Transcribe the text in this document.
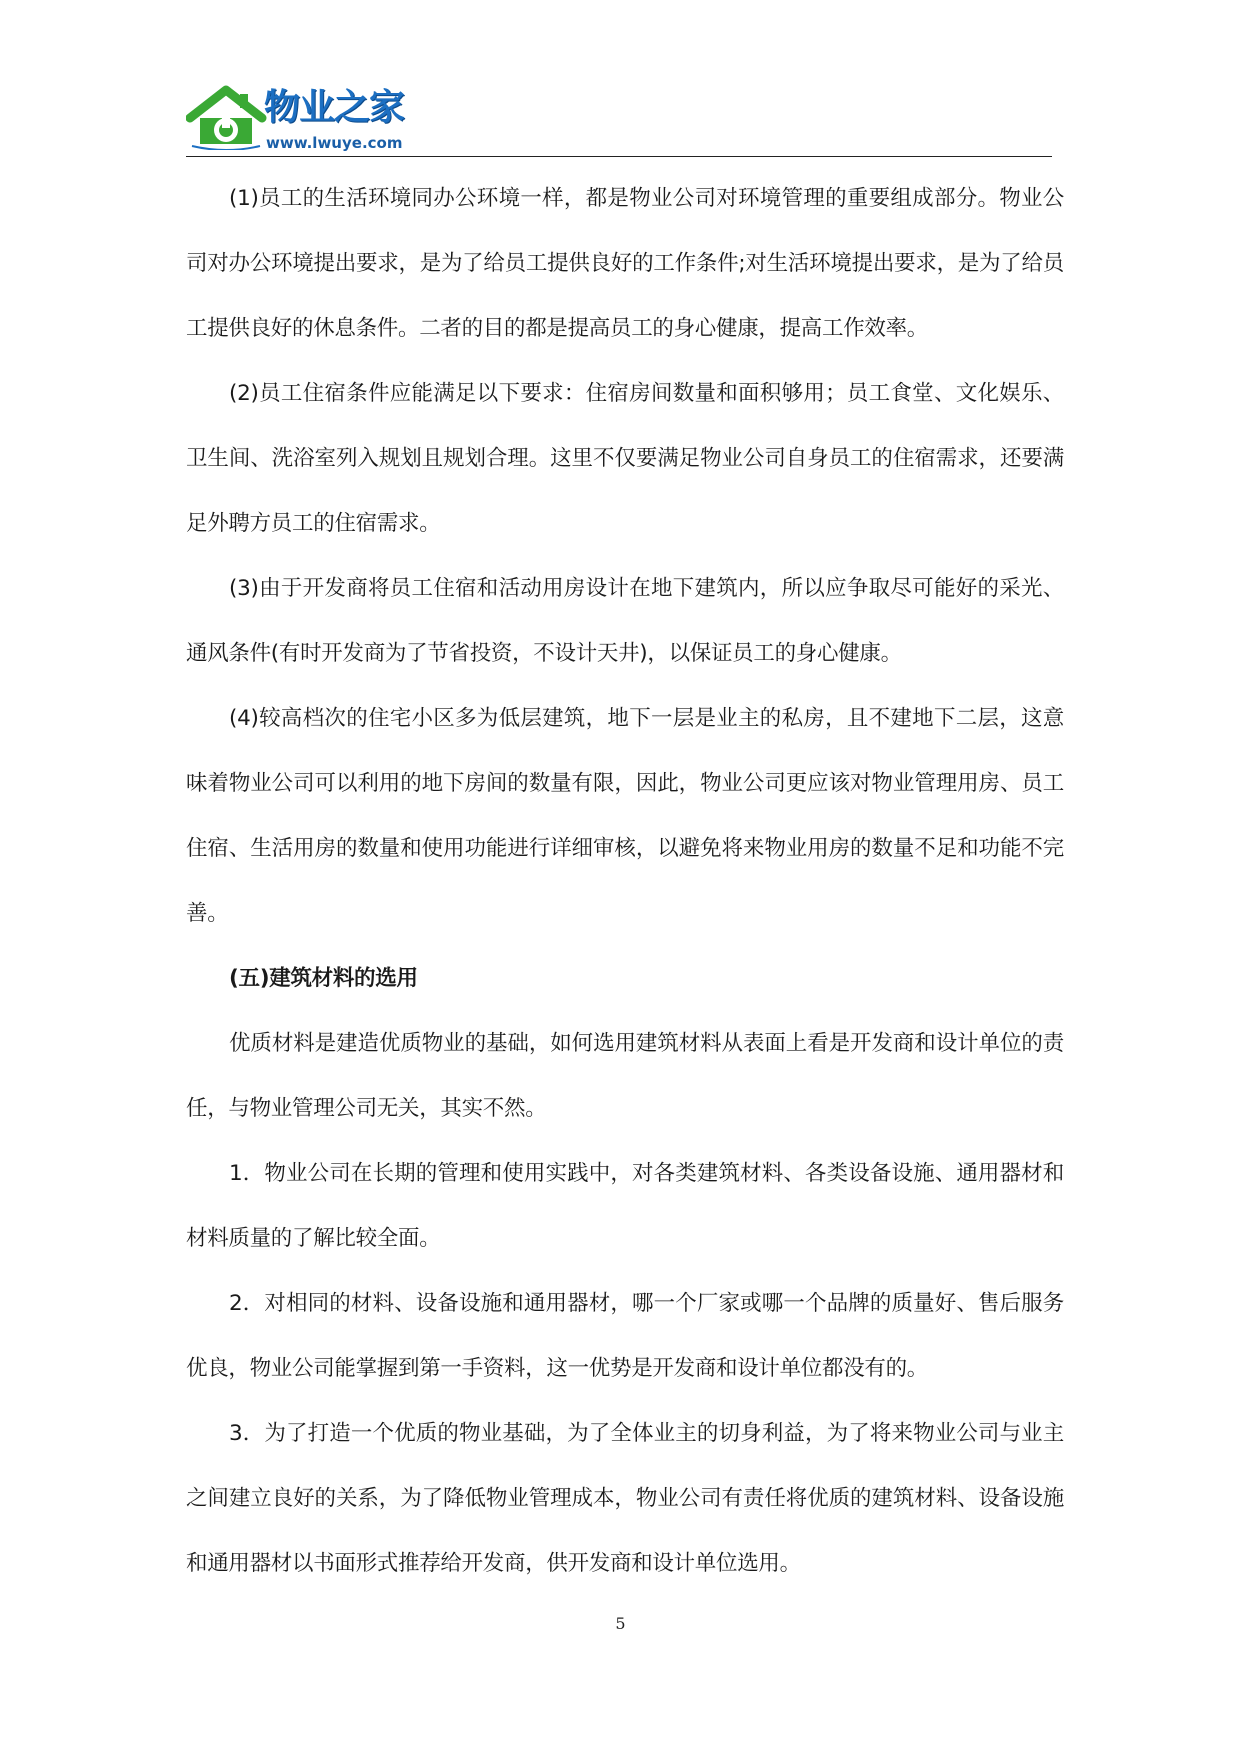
物业之家
www.lwuye.com

(1)员工的生活环境同办公环境一样，都是物业公司对环境管理的重要组成部分。物业公司对办公环境提出要求，是为了给员工提供良好的工作条件;对生活环境提出要求，是为了给员工提供良好的休息条件。二者的目的都是提高员工的身心健康，提高工作效率。

(2)员工住宿条件应能满足以下要求：住宿房间数量和面积够用；员工食堂、文化娱乐、卫生间、洗浴室列入规划且规划合理。这里不仅要满足物业公司自身员工的住宿需求，还要满足外聘方员工的住宿需求。

(3)由于开发商将员工住宿和活动用房设计在地下建筑内，所以应争取尽可能好的采光、通风条件(有时开发商为了节省投资，不设计天井)，以保证员工的身心健康。

(4)较高档次的住宅小区多为低层建筑，地下一层是业主的私房，且不建地下二层，这意味着物业公司可以利用的地下房间的数量有限，因此，物业公司更应该对物业管理用房、员工住宿、生活用房的数量和使用功能进行详细审核，以避免将来物业用房的数量不足和功能不完善。

(五)建筑材料的选用

优质材料是建造优质物业的基础，如何选用建筑材料从表面上看是开发商和设计单位的责任，与物业管理公司无关，其实不然。

1．物业公司在长期的管理和使用实践中，对各类建筑材料、各类设备设施、通用器材和材料质量的了解比较全面。

2．对相同的材料、设备设施和通用器材，哪一个厂家或哪一个品牌的质量好、售后服务优良，物业公司能掌握到第一手资料，这一优势是开发商和设计单位都没有的。

3．为了打造一个优质的物业基础，为了全体业主的切身利益，为了将来物业公司与业主之间建立良好的关系，为了降低物业管理成本，物业公司有责任将优质的建筑材料、设备设施和通用器材以书面形式推荐给开发商，供开发商和设计单位选用。

5
